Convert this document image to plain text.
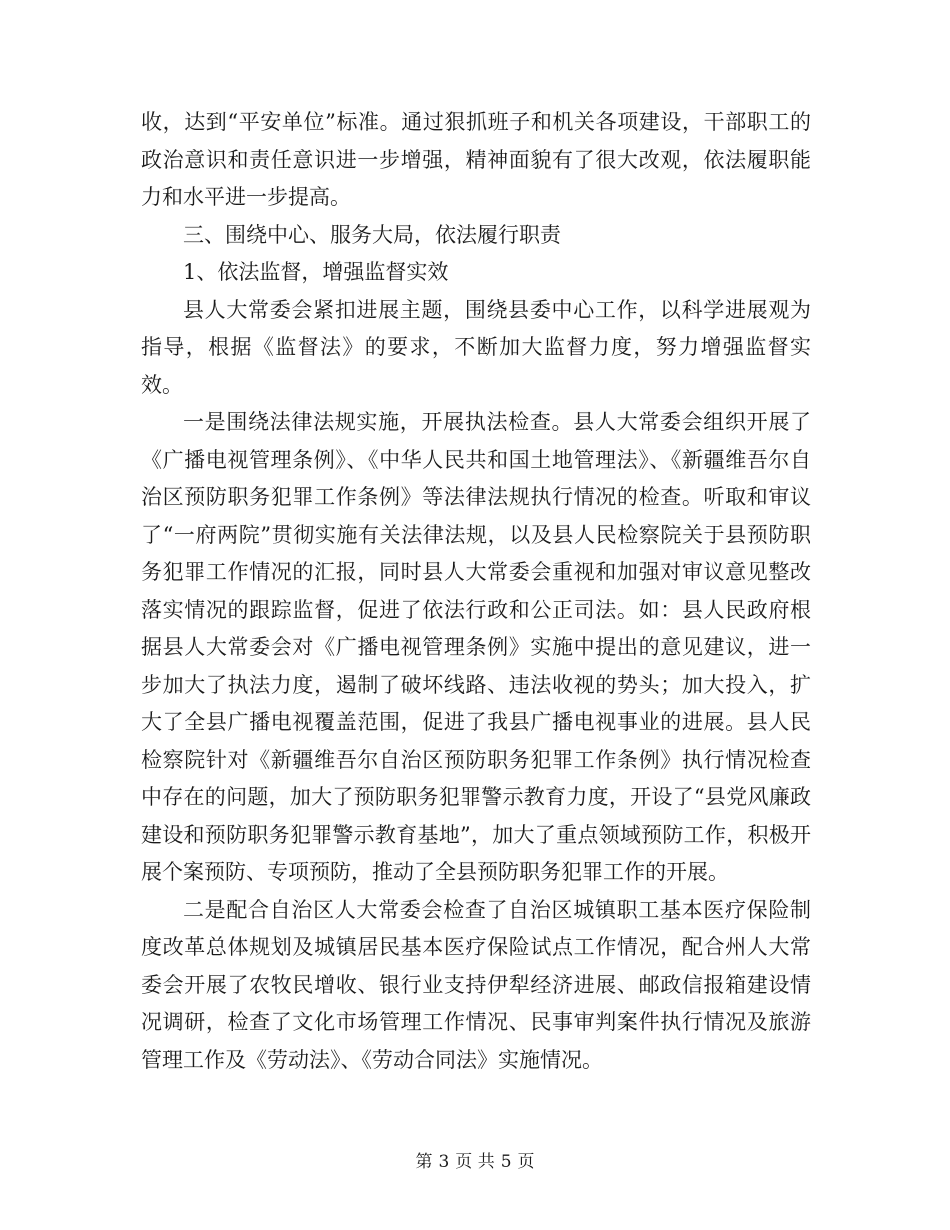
收，达到“平安单位”标准。通过狠抓班子和机关各项建设，干部职工的政治意识和责任意识进一步增强，精神面貌有了很大改观，依法履职能力和水平进一步提高。

三、围绕中心、服务大局，依法履行职责

1、依法监督，增强监督实效

县人大常委会紧扣进展主题，围绕县委中心工作，以科学进展观为指导，根据《监督法》的要求，不断加大监督力度，努力增强监督实效。

一是围绕法律法规实施，开展执法检查。县人大常委会组织开展了《广播电视管理条例》、《中华人民共和国土地管理法》、《新疆维吾尔自治区预防职务犯罪工作条例》等法律法规执行情况的检查。听取和审议了“一府两院”贯彻实施有关法律法规，以及县人民检察院关于县预防职务犯罪工作情况的汇报，同时县人大常委会重视和加强对审议意见整改落实情况的跟踪监督，促进了依法行政和公正司法。如：县人民政府根据县人大常委会对《广播电视管理条例》实施中提出的意见建议，进一步加大了执法力度，遏制了破坏线路、违法收视的势头；加大投入，扩大了全县广播电视覆盖范围，促进了我县广播电视事业的进展。县人民检察院针对《新疆维吾尔自治区预防职务犯罪工作条例》执行情况检查中存在的问题，加大了预防职务犯罪警示教育力度，开设了“县党风廉政建设和预防职务犯罪警示教育基地”，加大了重点领域预防工作，积极开展个案预防、专项预防，推动了全县预防职务犯罪工作的开展。

二是配合自治区人大常委会检查了自治区城镇职工基本医疗保险制度改革总体规划及城镇居民基本医疗保险试点工作情况，配合州人大常委会开展了农牧民增收、银行业支持伊犁经济进展、邮政信报箱建设情况调研，检查了文化市场管理工作情况、民事审判案件执行情况及旅游管理工作及《劳动法》、《劳动合同法》实施情况。

第 3 页 共 5 页
